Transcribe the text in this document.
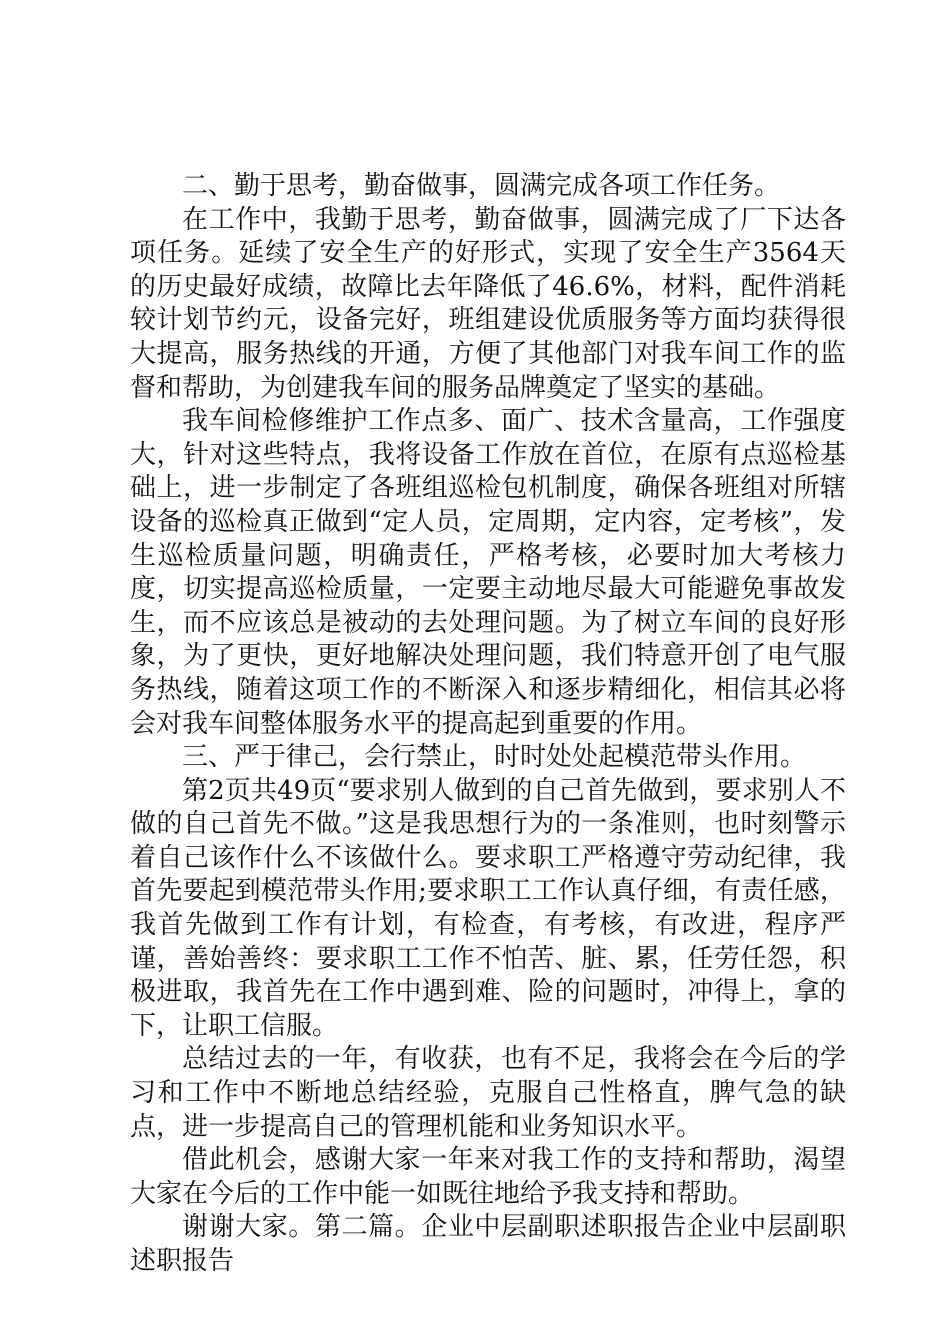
二、勤于思考，勤奋做事，圆满完成各项工作任务。

在工作中，我勤于思考，勤奋做事，圆满完成了厂下达各项任务。延续了安全生产的好形式，实现了安全生产3564天的历史最好成绩，故障比去年降低了46.6%，材料，配件消耗较计划节约元，设备完好，班组建设优质服务等方面均获得很大提高，服务热线的开通，方便了其他部门对我车间工作的监督和帮助，为创建我车间的服务品牌奠定了坚实的基础。

我车间检修维护工作点多、面广、技术含量高，工作强度大，针对这些特点，我将设备工作放在首位，在原有点巡检基础上，进一步制定了各班组巡检包机制度，确保各班组对所辖设备的巡检真正做到“定人员，定周期，定内容，定考核”，发生巡检质量问题，明确责任，严格考核，必要时加大考核力度，切实提高巡检质量，一定要主动地尽最大可能避免事故发生，而不应该总是被动的去处理问题。为了树立车间的良好形象，为了更快，更好地解决处理问题，我们特意开创了电气服务热线，随着这项工作的不断深入和逐步精细化，相信其必将会对我车间整体服务水平的提高起到重要的作用。

三、严于律己，会行禁止，时时处处起模范带头作用。

第2页共49页“要求别人做到的自己首先做到，要求别人不做的自己首先不做。”这是我思想行为的一条准则，也时刻警示着自己该作什么不该做什么。要求职工严格遵守劳动纪律，我首先要起到模范带头作用;要求职工工作认真仔细，有责任感，我首先做到工作有计划，有检查，有考核，有改进，程序严谨，善始善终：要求职工工作不怕苦、脏、累，任劳任怨，积极进取，我首先在工作中遇到难、险的问题时，冲得上，拿的下，让职工信服。

总结过去的一年，有收获，也有不足，我将会在今后的学习和工作中不断地总结经验，克服自己性格直，脾气急的缺点，进一步提高自己的管理机能和业务知识水平。

借此机会，感谢大家一年来对我工作的支持和帮助，渴望大家在今后的工作中能一如既往地给予我支持和帮助。

谢谢大家。第二篇。企业中层副职述职报告企业中层副职述职报告
